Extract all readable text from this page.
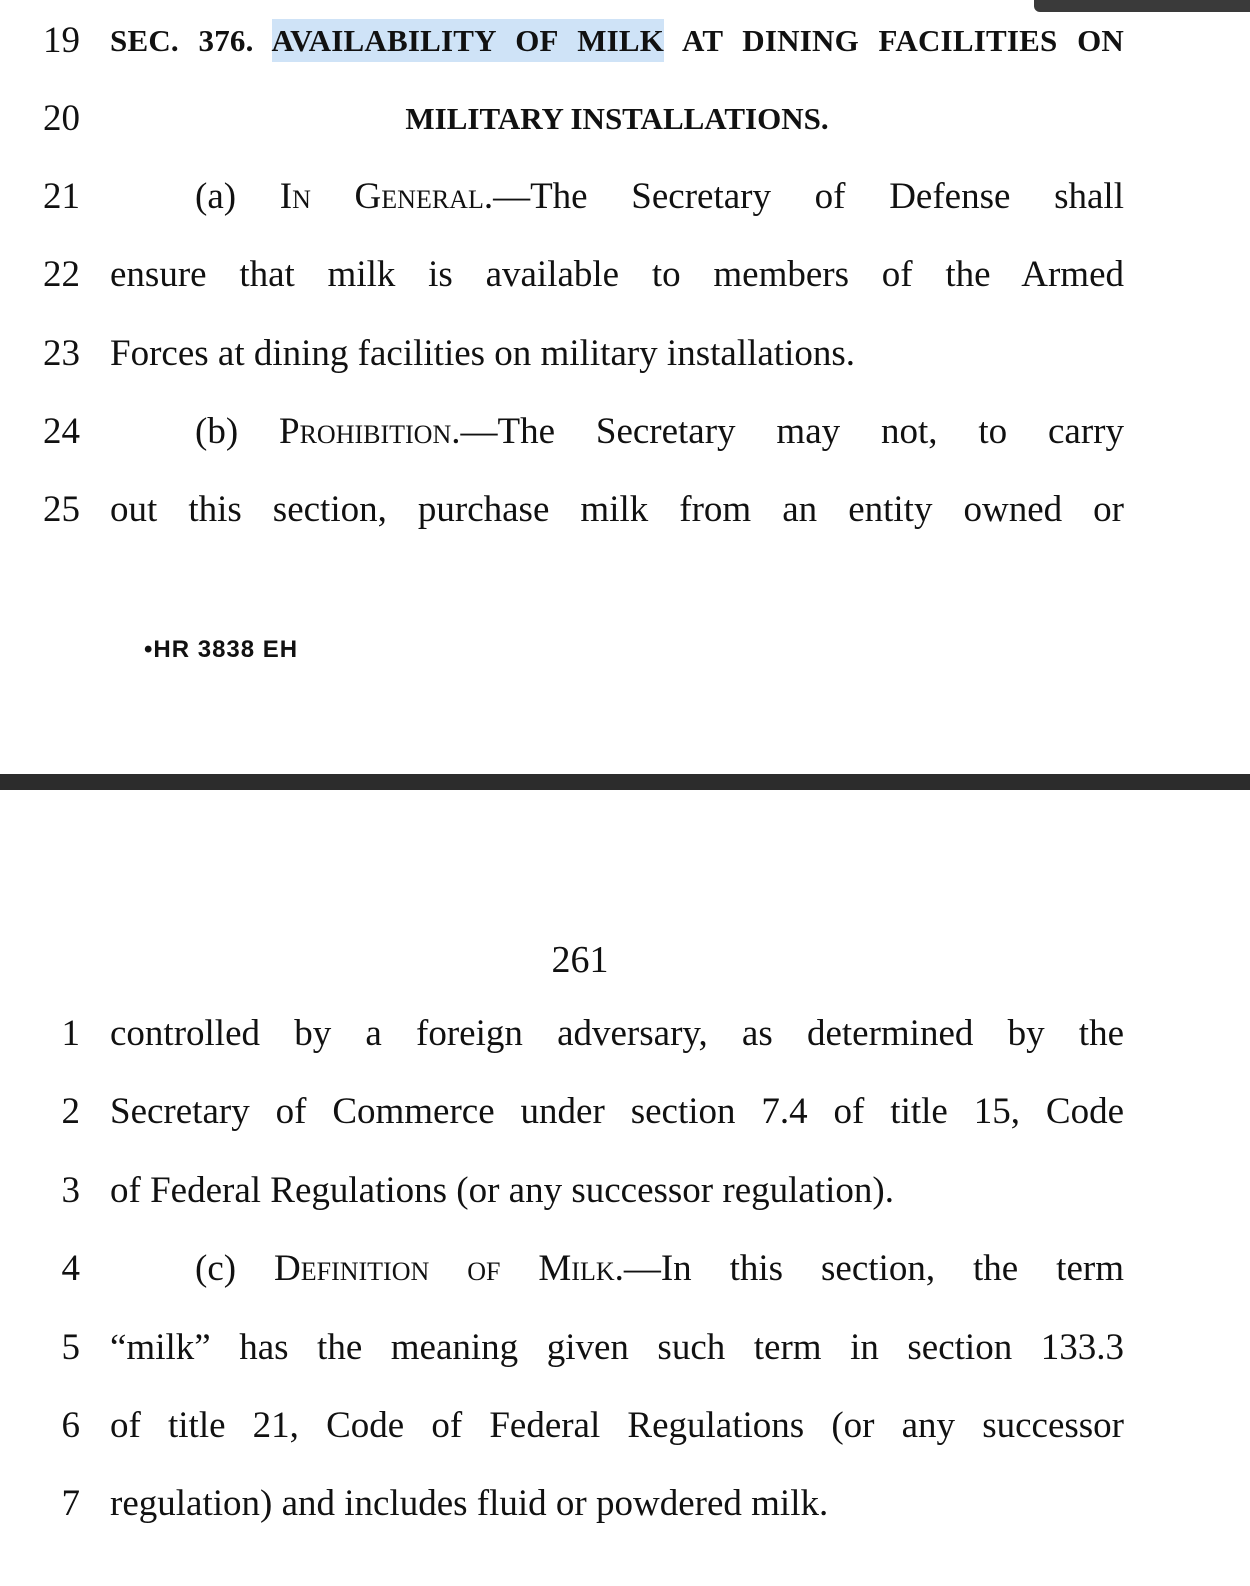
19 SEC. 376. AVAILABILITY OF MILK AT DINING FACILITIES ON
20	MILITARY INSTALLATIONS.
21	(a) In General.—The Secretary of Defense shall
22 ensure that milk is available to members of the Armed
23 Forces at dining facilities on military installations.
24	(b) Prohibition.—The Secretary may not, to carry
25 out this section, purchase milk from an entity owned or
•HR 3838 EH
261
1 controlled by a foreign adversary, as determined by the
2 Secretary of Commerce under section 7.4 of title 15, Code
3 of Federal Regulations (or any successor regulation).
4	(c) Definition of Milk.—In this section, the term
5 “milk” has the meaning given such term in section 133.3
6 of title 21, Code of Federal Regulations (or any successor
7 regulation) and includes fluid or powdered milk.
